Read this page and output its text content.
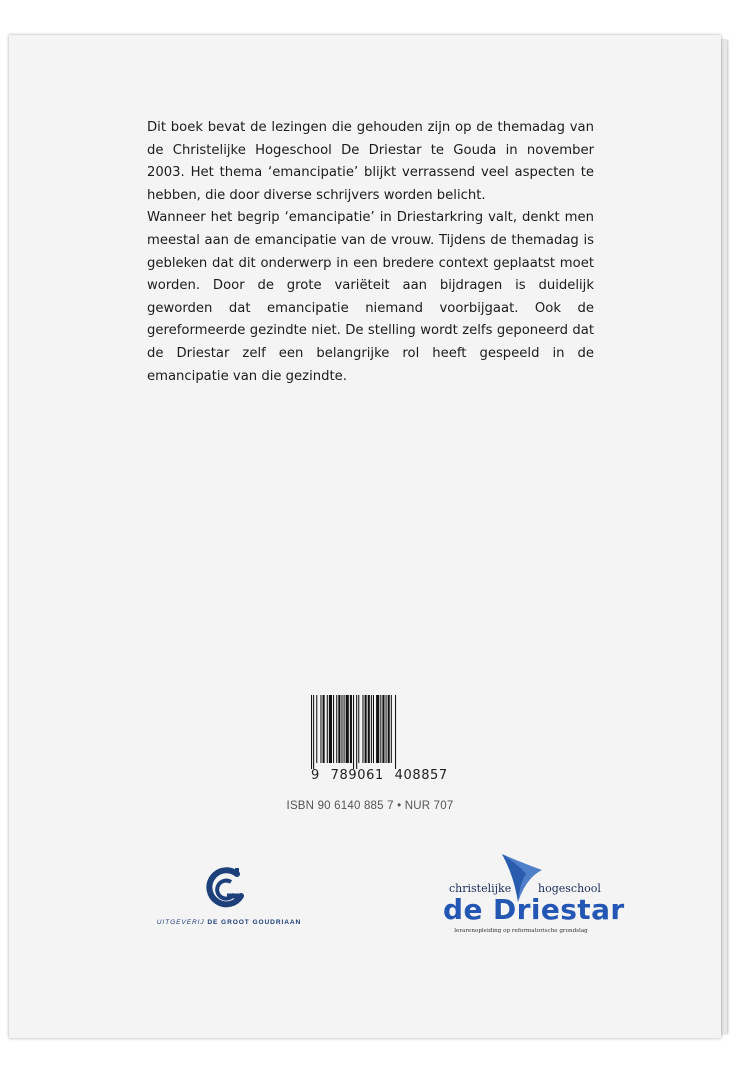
Dit boek bevat de lezingen die gehouden zijn op de themadag van de Christelijke Hogeschool De Driestar te Gouda in november 2003. Het thema ‘emancipatie’ blijkt verrassend veel aspecten te hebben, die door diverse schrijvers worden belicht.

Wanneer het begrip ‘emancipatie’ in Driestarkring valt, denkt men meestal aan de emancipatie van de vrouw. Tijdens de themadag is gebleken dat dit onderwerp in een bredere context geplaatst moet worden. Door de grote variëteit aan bijdragen is duidelijk geworden dat emancipatie niemand voorbijgaat. Ook de gereformeerde gezindte niet. De stelling wordt zelfs geponeerd dat de Driestar zelf een belangrijke rol heeft gespeeld in de emancipatie van die gezindte.

9 789061 408857
ISBN 90 6140 885 7 • NUR 707
UITGEVERIJ DE GROOT GOUDRIAAN
christelijke hogeschool
de Driestar
lerarenopleiding op reformatorische grondslag
